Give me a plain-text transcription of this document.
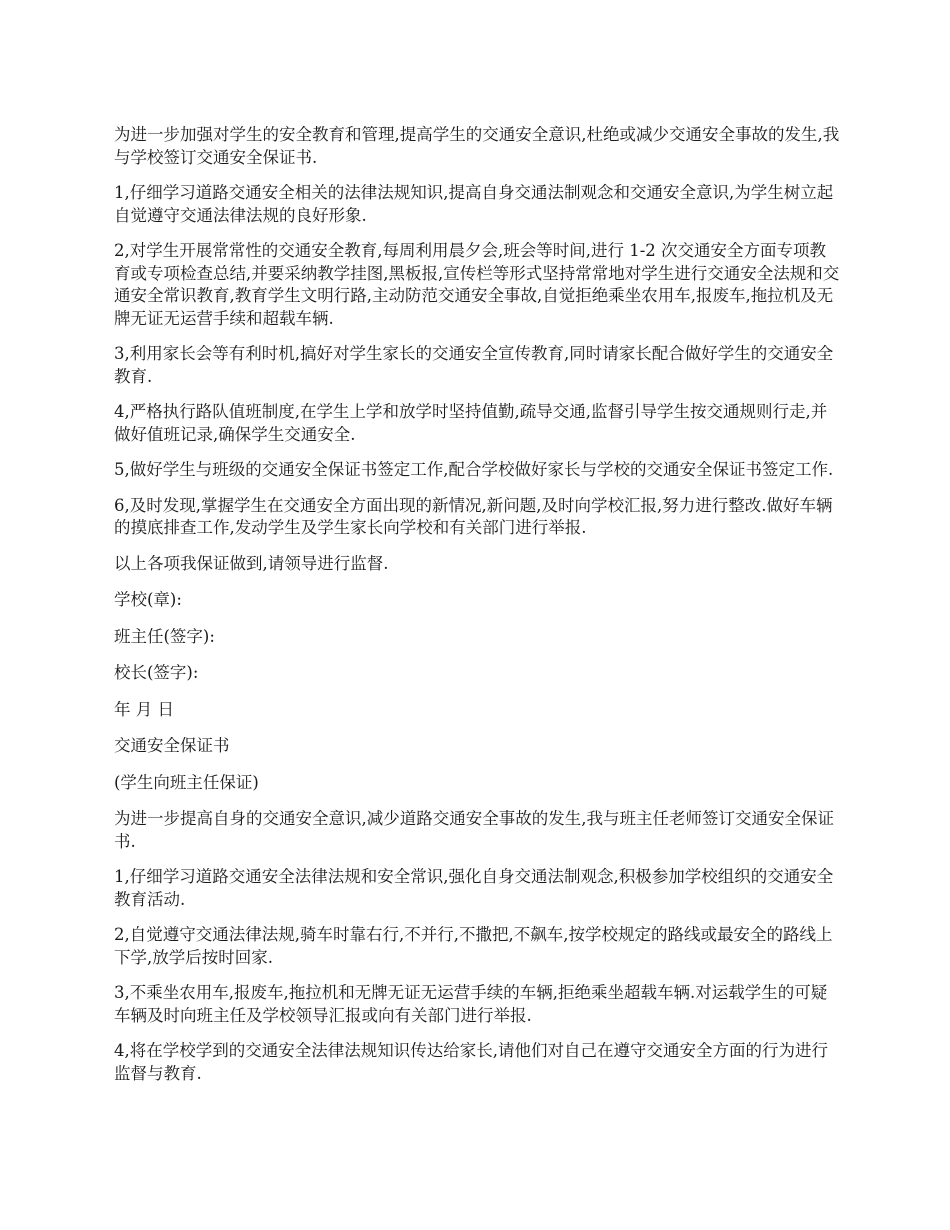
为进一步加强对学生的安全教育和管理,提高学生的交通安全意识,杜绝或减少交通安全事故的发生,我与学校签订交通安全保证书.

1,仔细学习道路交通安全相关的法律法规知识,提高自身交通法制观念和交通安全意识,为学生树立起自觉遵守交通法律法规的良好形象.

2,对学生开展常常性的交通安全教育,每周利用晨夕会,班会等时间,进行 1-2 次交通安全方面专项教育或专项检查总结,并要采纳教学挂图,黑板报,宣传栏等形式坚持常常地对学生进行交通安全法规和交通安全常识教育,教育学生文明行路,主动防范交通安全事故,自觉拒绝乘坐农用车,报废车,拖拉机及无牌无证无运营手续和超载车辆.

3,利用家长会等有利时机,搞好对学生家长的交通安全宣传教育,同时请家长配合做好学生的交通安全教育.

4,严格执行路队值班制度,在学生上学和放学时坚持值勤,疏导交通,监督引导学生按交通规则行走,并做好值班记录,确保学生交通安全.

5,做好学生与班级的交通安全保证书签定工作,配合学校做好家长与学校的交通安全保证书签定工作.

6,及时发现,掌握学生在交通安全方面出现的新情况,新问题,及时向学校汇报,努力进行整改.做好车辆的摸底排查工作,发动学生及学生家长向学校和有关部门进行举报.

以上各项我保证做到,请领导进行监督.

学校(章):

班主任(签字):

校长(签字):

年 月 日

交通安全保证书

(学生向班主任保证)

为进一步提高自身的交通安全意识,减少道路交通安全事故的发生,我与班主任老师签订交通安全保证书.

1,仔细学习道路交通安全法律法规和安全常识,强化自身交通法制观念,积极参加学校组织的交通安全教育活动.

2,自觉遵守交通法律法规,骑车时靠右行,不并行,不撒把,不飙车,按学校规定的路线或最安全的路线上下学,放学后按时回家.

3,不乘坐农用车,报废车,拖拉机和无牌无证无运营手续的车辆,拒绝乘坐超载车辆.对运载学生的可疑车辆及时向班主任及学校领导汇报或向有关部门进行举报.

4,将在学校学到的交通安全法律法规知识传达给家长,请他们对自己在遵守交通安全方面的行为进行监督与教育.
